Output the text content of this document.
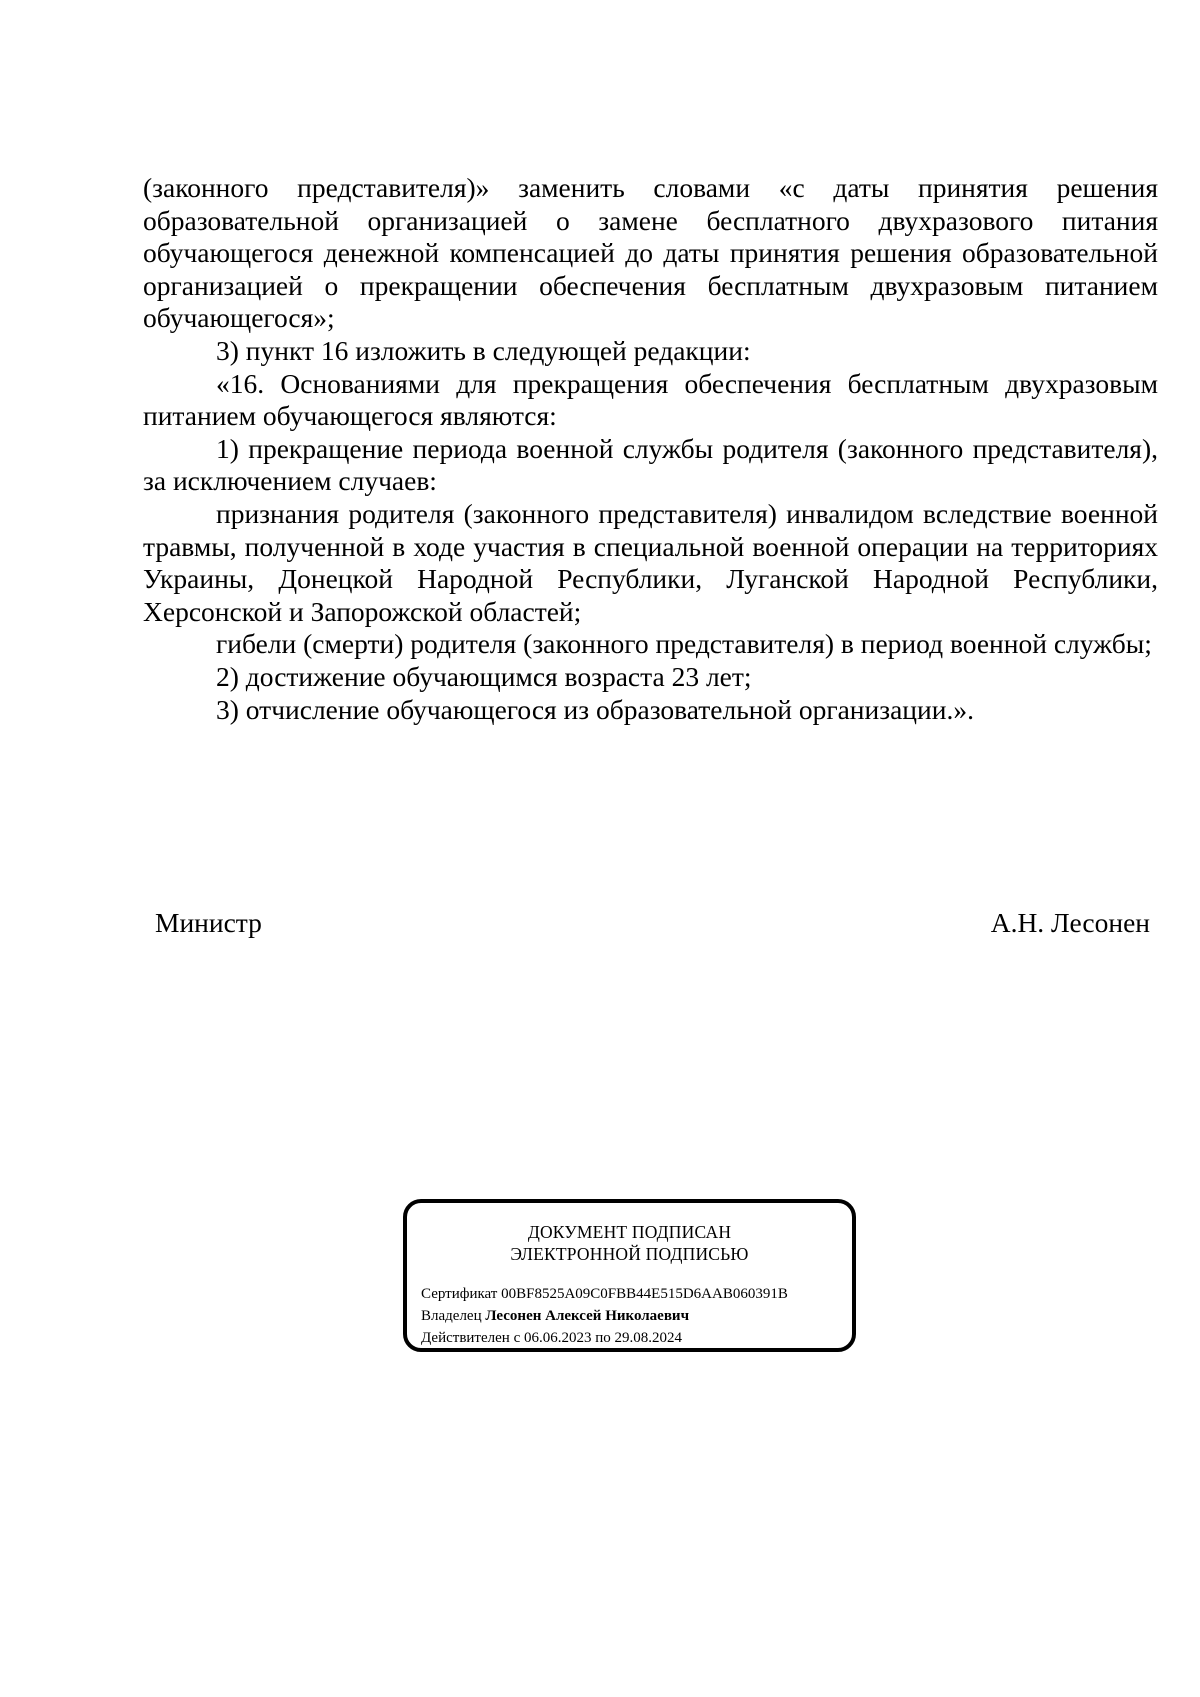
(законного представителя)» заменить словами «с даты принятия решения образовательной организацией о замене бесплатного двухразового питания обучающегося денежной компенсацией до даты принятия решения образовательной организацией о прекращении обеспечения бесплатным двухразовым питанием обучающегося»;

3) пункт 16 изложить в следующей редакции:

«16. Основаниями для прекращения обеспечения бесплатным двухразовым питанием обучающегося являются:

1) прекращение периода военной службы родителя (законного представителя), за исключением случаев:

признания родителя (законного представителя) инвалидом вследствие военной травмы, полученной в ходе участия в специальной военной операции на территориях Украины, Донецкой Народной Республики, Луганской Народной Республики, Херсонской и Запорожской областей;

гибели (смерти) родителя (законного представителя) в период военной службы;

2) достижение обучающимся возраста 23 лет;

3) отчисление обучающегося из образовательной организации.».

Министр	А.Н. Лесонен
ДОКУМЕНТ ПОДПИСАН
ЭЛЕКТРОННОЙ ПОДПИСЬЮ
Сертификат 00BF8525A09C0FBB44E515D6AAB060391B
Владелец Лесонен Алексей Николаевич
Действителен с 06.06.2023 по 29.08.2024
